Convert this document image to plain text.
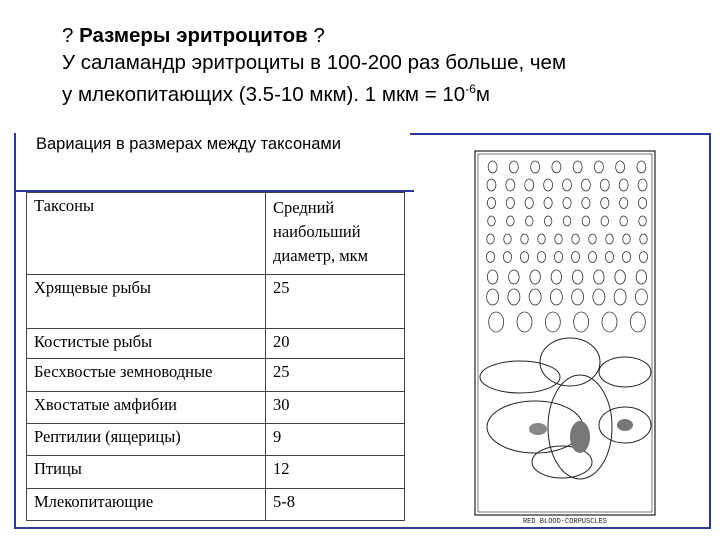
? Размеры эритроцитов ?
У саламандр эритроциты в 100-200 раз больше, чем
у млекопитающих (3.5-10 мкм). 1 мкм = $10^{-6}м$
Вариация в размерах между таксонами
Таксоны	Средний наибольший диаметр, мкм
Хрящевые рыбы	25
Костистые рыбы	20
Бесхвостые земноводные	25
Хвостатые амфибии	30
Рептилии (ящерицы)	9
Птицы	12
Млекопитающие	5-8
RED BLOOD-CORPUSCLES
